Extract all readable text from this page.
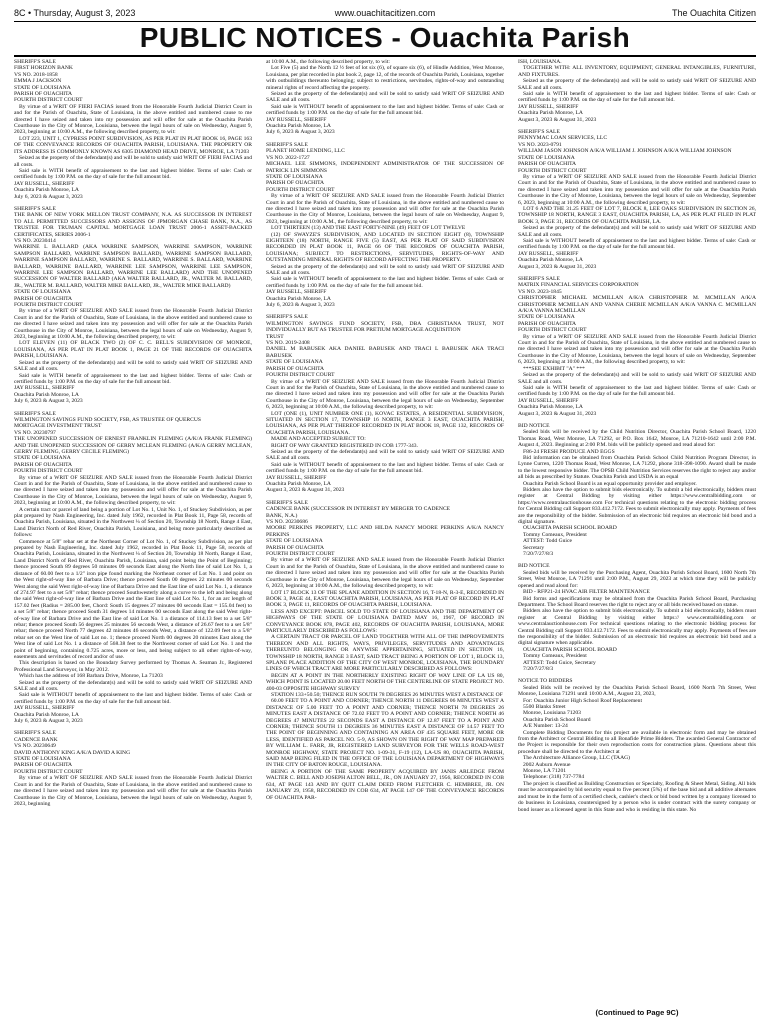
8C • Thursday, August 3, 2023	www.ouachitacitizen.com	The Ouachita Citizen
PUBLIC NOTICES - Ouachita Parish

SHERIFF'S SALE

FIRST HORIZON BANK

VS NO. 2018-1858

EMMA J JACKSON

STATE OF LOUISIANA

PARISH OF OUACHITA

FOURTH DISTRICT COURT

By virtue of a WRIT OF FIERI FACIAS issued from the Honorable Fourth Judicial District Court in and for the Parish of Ouachita, State of Louisiana, in the above entitled and numbered cause to me directed I have seized and taken into my possession and will offer for sale at the Ouachita Parish Courthouse in the City of Monroe, Louisiana, between the legal hours of sale on Wednesday, August 9, 2023, beginning at 10:00 A.M., the following described property, to wit:

LOT 223, UNIT 1, CYPRESS POINT SUBDIVISION, AS PER PLAT IN PLAT BOOK 16, PAGE 163 OF THE CONVEYANCE RECORDS OF OUACHITA PARISH, LOUISIANA. THE PROPERTY OR ITS ADDRESS IS COMMONLY KNOWN AS 6305 DIAMOND HEAD DRIVE, MONROE, LA 71203

Seized as the property of the defendant(s) and will be sold to satisfy said WRIT OF FIERI FACIAS and all costs.

Said sale is WITH benefit of appraisement to the last and highest bidder. Terms of sale: Cash or certified funds by 1:00 P.M. on the day of sale for the full amount bid.

JAY RUSSELL, SHERIFF

Ouachita Parish Monroe, LA

July 6, 2023 & August 3, 2023

SHERIFF'S SALE

THE BANK OF NEW YORK MELLON TRUST COMPANY, N.A. AS SUCCESSOR IN INTEREST TO ALL PERMITTED SUCCESSORS AND ASSIGNS OF JPMORGAN CHASE BANK, N.A., AS TRUSTEE FOR TRUMAN CAPITAL MORTGAGE LOAN TRUST 2006-1 ASSET-BACKED CERTIFICATES, SERIES 2006-1

VS NO. 20230414

WARRINE L BALLARD (AKA WARRINE SAMPSON, WARRINE SAMPSON, WARRINE SAMPSON BALLARD, WARRINE SAMPSON BALLARD), WARRINE SAMPSON BALLARD, WARRINE SAMPSON BALLARD, WARRINE S. BALLARD, WARRINE S. BALLARD, WARRINE BALLARD, WARRINE BALLARD, WARRINE LEE SAMPSON, WARRINE LEE SAMPSON, WARRINE LEE SAMPSON BALLARD, WARRINE LEE BALLARD) AND THE UNOPENED SUCCESSION OF WALTER BALLARD (AKA WALTER BALLARD, JR., WALTER M. BALLARD, JR., WALTER M. BALLARD, WALTER MIKE BALLARD, JR., WALTER MIKE BALLARD)

STATE OF LOUISIANA

PARISH OF OUACHITA

FOURTH DISTRICT COURT

By virtue of a WRIT OF SEIZURE AND SALE issued from the Honorable Fourth Judicial District Court in and for the Parish of Ouachita, State of Louisiana, in the above entitled and numbered cause to me directed I have seized and taken into my possession and will offer for sale at the Ouachita Parish Courthouse in the City of Monroe, Louisiana, between the legal hours of sale on Wednesday, August 9, 2023, beginning at 10:00 A.M., the following described property, to wit:

LOT ELEVEN (11) OF BLACK TWO (2) OF C. C. BELL'S SUBDIVISION OF MONROE, LOUISIANA, AS PER PLAT IN PLAT BOOK 1, PAGE 21 OF THE RECORDS OF OUACHITA PARISH, LOUISIANA.

Seized as the property of the defendant(s) and will be sold to satisfy said WRIT OF SEIZURE AND SALE and all costs.

Said sale is WITH benefit of appraisement to the last and highest bidder. Terms of sale: Cash or certified funds by 1:00 P.M. on the day of sale for the full amount bid.

JAY RUSSELL, SHERIFF

Ouachita Parish Monroe, LA

July 6, 2023 & August 3, 2023

SHERIFF'S SALE

WILMINGTON SAVINGS FUND SOCIETY, FSB, AS TRUSTEE OF QUERCUS

MORTGAGE INVESTMENT TRUST

VS NO. 20230797

THE UNOPENED SUCCESSION OF ERNEST FRANKLIN FLEMING (A/K/A FRANK FLEMING) AND THE UNOPENED SUCCESSION OF GERRY MCLEAN FLEMING (A/K/A GERRY MCLEAN, GERRY FLEMING, GERRY CECILE FLEMING)

STATE OF LOUISIANA

PARISH OF OUACHITA

FOURTH DISTRICT COURT

By virtue of a WRIT OF SEIZURE AND SALE issued from the Honorable Fourth Judicial District Court in and for the Parish of Ouachita, State of Louisiana, in the above entitled and numbered cause to me directed I have seized and taken into my possession and will offer for sale at the Ouachita Parish Courthouse in the City of Monroe, Louisiana, between the legal hours of sale on Wednesday, August 9, 2023, beginning at 10:00 A.M., the following described property, to wit:

A certain tract or parcel of land being a portion of Lot No. 1, Unit No. 1, of Stuckey Subdivision, as per plat prepared by Nash Engineering, Inc. dated July 1962, recorded in Plat Book 11, Page 58, records of Ouachita Parish, Louisiana, situated in the Northwest ¼ of Section 20, Township 18 North, Range 4 East, Land District North of Red River, Ouachita Parish, Louisiana, and being more particularly described as follows:

Commence at 5/8" rebar set at the Northeast Corner of Lot No. 1, of Stuckey Subdivision, as per plat prepared by Nash Engineering, Inc. dated July 1962, recorded in Plat Book 11, Page 58, records of Ouachita Parish, Louisiana, situated in the Northwest ¼ of Section 20, Township 18 North, Range 4 East, Land District North of Red River, Ouachita Parish, Louisiana, said point being the Point of Beginning; thence proceed South 89 degrees 50 minutes 09 seconds East along the North line of said Lot No. 1, a distance of 60.00 feet to a 1/2" iron pipe found marking the Northeast corner of Lot No. 1 and point on the West right-of-way line of Barbara Drive; thence proceed South 00 degrees 22 minutes 00 seconds West along the said West right-of-way line of Barbara Drive and the East line of said Lot No. 1, a distance of 274.97 feet to a set 5/8" rebar; thence proceed Southwesterly along a curve to the left and being along the said West right-of-way line of Barbara Drive and the East line of said Lot No. 1, for an arc length of 157.02 feet (Radius = 285.00 feet, Chord: South 15 degrees 27 minutes 00 seconds East = 155.04 feet) to a set 5/8" rebar; thence proceed South 31 degrees 14 minutes 00 seconds East along the said West right-of-way line of Barbara Drive and the East line of said Lot No. 1 a distance of 114.13 feet to a set 5/8" rebar; thence proceed South 56 degrees 25 minutes 56 seconds West, a distance of 26.67 feet to a set 5/8" rebar; thence proceed North 77 degrees 42 minutes 46 seconds West, a distance of 122.09 feet to a 5/8" rebar set on the West line of said Lot no. 1; thence proceed North 00 degrees 20 minutes East along the West line of said Lot No. 1 a distance of 568.38 feet to the Northwest corner of said Lot No. 1 and the point of beginning, containing 0.725 acres, more or less, and being subject to all other rights-of-way, easements and servitudes of record and/or of use.

This description is based on the Boundary Survey performed by Thomas A. Seaman Jr., Registered Professional Land Surveyor, in May 2012.

Which has the address of 168 Barbara Drive, Monroe, La 71203

Seized as the property of the defendant(s) and will be sold to satisfy said WRIT OF SEIZURE AND SALE and all costs.

Said sale is WITHOUT benefit of appraisement to the last and highest bidder. Terms of sale: Cash or certified funds by 1:00 P.M. on the day of sale for the full amount bid.

JAY RUSSELL, SHERIFF

Ouachita Parish Monroe, LA

July 6, 2023 & August 3, 2023

SHERIFF'S SALE

CADENCE BANK

VS NO. 20230649

DAVID ANTHONY KING A/K/A DAVID A KING

STATE OF LOUISIANA

PARISH OF OUACHITA

FOURTH DISTRICT COURT

By virtue of a WRIT OF SEIZURE AND SALE issued from the Honorable Fourth Judicial District Court in and for the Parish of Ouachita, State of Louisiana, in the above entitled and numbered cause to me directed I have seized and taken into my possession and will offer for sale at the Ouachita Parish Courthouse in the City of Monroe, Louisiana, between the legal hours of sale on Wednesday, August 9, 2023, beginning

at 10:00 A.M., the following described property, to wit:

Lot Five (5) and the North 12 ½ feet of lot six (6), of square six (6), of Hindle Addition, West Monroe, Louisiana, per plat recorded in plat book 2, page 12, of the records of Ouachita Parish, Louisiana, together with outbuildings thereunto belonging; subject to restrictions, servitudes, rights-of-way and outstanding mineral rights of record affecting the property.

Seized as the property of the defendant(s) and will be sold to satisfy said WRIT OF SEIZURE AND SALE and all costs.

Said sale is WITHOUT benefit of appraisement to the last and highest bidder. Terms of sale: Cash or certified funds by 1:00 P.M. on the day of sale for the full amount bid.

JAY RUSSELL, SHERIFF

Ouachita Parish Monroe, LA

July 6, 2023 & August 3, 2023

SHERIFF'S SALE

PLANET HOME LENDING, LLC

VS NO. 2022-1727

MICHAEL LEE SIMMONS, INDEPENDENT ADMINISTRATOR OF THE SUCCESSION OF PATRICK LIN SIMMONS

STATE OF LOUISIANA

PARISH OF OUACHITA

FOURTH DISTRICT COURT

By virtue of a WRIT OF SEIZURE AND SALE issued from the Honorable Fourth Judicial District Court in and for the Parish of Ouachita, State of Louisiana, in the above entitled and numbered cause to me directed I have seized and taken into my possession and will offer for sale at the Ouachita Parish Courthouse in the City of Monroe, Louisiana, between the legal hours of sale on Wednesday, August 9, 2023, beginning at 10:00 A.M., the following described property, to wit:

LOT THIRTEEN (13) AND THE EAST FORTY-NINE (49) FEET OF LOT TWELVE

(12) OF SWAYZE'S SUBDIVISION, AND LOCATED IN SECTION EIGHT (8), TOWNSHIP EIGHTEEN (18) NORTH, RANGE FIVE (5) EAST, AS PER PLAT OF SAID SUBDIVISION RECORDED IN PLAT BOOK 11, PAGE 66 OF THE RECORDS OF OUACHITA PARISH, LOUISIANA; SUBJECT TO RESTRICTIONS, SERVITUDES, RIGHTS-OF-WAY AND OUTSTANDING MINERAL RIGHTS OF RECORD AFFECTING THE PROPERTY.

Seized as the property of the defendant(s) and will be sold to satisfy said WRIT OF SEIZURE AND SALE and all costs.

Said sale is WITHOUT benefit of appraisement to the last and highest bidder. Terms of sale: Cash or certified funds by 1:00 P.M. on the day of sale for the full amount bid.

JAY RUSSELL, SHERIFF

Ouachita Parish Monroe, LA

July 6, 2023 & August 3, 2023

SHERIFF'S SALE

WILMINGTON SAVINGS FUND SOCIETY, FSB, DBA CHRISTIANA TRUST, NOT INDIVIDUALLY BUT AS TRUSTEE FOR PRETIUM MORTGAGE ACQUISITION

TRUST

VS NO. 2019-2408

DANIEL M BABUSEK AKA DANIEL BABUSEK AND TRACI L BABUSEK AKA TRACI BABUSEK

STATE OF LOUISIANA

PARISH OF OUACHITA

FOURTH DISTRICT COURT

By virtue of a WRIT OF SEIZURE AND SALE issued from the Honorable Fourth Judicial District Court in and for the Parish of Ouachita, State of Louisiana, in the above entitled and numbered cause to me directed I have seized and taken into my possession and will offer for sale at the Ouachita Parish Courthouse in the City of Monroe, Louisiana, between the legal hours of sale on Wednesday, September 6, 2023, beginning at 10:00 A.M., the following described property, to wit:

LOT (ONE (1), UNIT NUMBER ONE (1), KOVAC ESTATES, A RESIDENTIAL SUBDIVISION, SITUATED IN SECTION 17, TOWNSHIP 16 NORTH, RANGE 3 EAST, OUACHITA PARISH, LOUISIANA, AS PER PLAT THEREOF RECORDED IN PLAT BOOK 18, PAGE 132, RECORDS OF OUACHITA PARISH, LOUISIANA.

MADE AND ACCEPTED SUBJECT TO:

RIGHT OF WAY GRANTED REGISTERED IN COB 1777-343.

Seized as the property of the defendant(s) and will be sold to satisfy said WRIT OF SEIZURE AND SALE and all costs.

Said sale is WITHOUT benefit of appraisement to the last and highest bidder. Terms of sale: Cash or certified funds by 1:00 P.M. on the day of sale for the full amount bid.

JAY RUSSELL, SHERIFF

Ouachita Parish Monroe, LA

August 3, 2023 & August 31, 2023

SHERIFF'S SALE

CADENCE BANK (SUCCESSOR IN INTEREST BY MERGER TO CADENCE

BANK, N.A.)

VS NO. 20230686

MOORE PERKINS PROPERTY, LLC AND HILDA NANCY MOORE PERKINS A/K/A NANCY PERKINS

STATE OF LOUISIANA

PARISH OF OUACHITA

FOURTH DISTRICT COURT

By virtue of a WRIT OF SEIZURE AND SALE issued from the Honorable Fourth Judicial District Court in and for the Parish of Ouachita, State of Louisiana, in the above entitled and numbered cause to me directed I have seized and taken into my possession and will offer for sale at the Ouachita Parish Courthouse in the City of Monroe, Louisiana, between the legal hours of sale on Wednesday, September 6, 2023, beginning at 10:00 A.M., the following described property, to wit:

LOT 17 BLOCK 13 OF THE SPLANE ADDITION IN SECTION 16, T-18-N, R-3-E, RECORDED IN BOOK 3, PAGE 44, EAST OUACHITA PARISH, LOUISIANA, AS PER PLAT OF RECORD IN PLAT BOOK 3, PAGE 11, RECORDS OF OUACHITA PARISH, LOUISIANA.

LESS AND EXCEPT: PARCEL SOLD TO STATE OF LOUISIANA AND THE DEPARTMENT OF HIGHWAYS OF THE STATE OF LOUISIANA DATED MAY 16, 1967, OF RECORD IN CONVEYANCE BOOK 878, PAGE 402, RECORDS OF OUACHITA PARISH, LOUISIANA, MORE PARTICULARLY DESCRIBED AS FOLLOWS:

A CERTAIN TRACT OR PARCEL OF LAND TOGETHER WITH ALL OF THE IMPROVEMENTS THEREON AND ALL RIGHTS, WAYS, PRIVILEGES, SERVITUDES AND ADVANTAGES THEREUNTO BELONGING OR ANYWISE APPERTAINING, SITUATED IN SECTION 16, TOWNSHIP 18 NORTH, RANGE 3 EAST, SAID TRACT BEING A PORTION OF LOT 1, BLOCK 13, SPLANE PLACE ADDITION OF THE CITY OF WEST MONROE, LOUISIANA, THE BOUNDARY LINES OF WHICH TRACT ARE MORE PARTICULARLY DESCRIBED AS FOLLOWS:

BEGIN AT A POINT IN THE NORTHERLY EXISTING RIGHT OF WAY LINE OF LA US 80, WHICH POINT IS LOCATED 20.00 FEET NORTH OF THE CENTERLINE OF STATE PROJECT NO. 400-03 OPPOSITE HIGHWAY SURVEY

STATION 133+50.50; THENCE RUN SOUTH 78 DEGREES 26 MINUTES WEST A DISTANCE OF

60.00 FEET TO A POINT AND CORNER; THENCE NORTH 11 DEGREES 06 MINUTES WEST A DISTANCE OF 5.00 FEET TO A POINT AND CORNER; THENCE NORTH 78 DEGREES 26 MINUTES EAST A DISTANCE OF 72.02 FEET TO A POINT AND CORNER; THENCE NORTH 46 DEGREES 47 MINUTES 22 SECONDS EAST A DISTANCE OF 12.87 FEET TO A POINT AND CORNER; THENCE SOUTH 11 DEGREES 36 MINUTES EAST A DISTANCE OF 14.57 FEET TO THE POINT OF BEGINNING AND CONTAINING AN AREA OF 435 SQUARE FEET, MORE OR LESS, IDENTIFIED AS PARCEL NO. 5-9, AS SHOWN ON THE RIGHT OF WAY MAP PREPARED BY WILLIAM L. FARR, JR, REGISTERED LAND SURVEYOR FOR THE WELLS ROAD-WEST MONROE HIGHWAY, STATE PROJECT NO. 1-09-31, F-19 (12), LA-US 80, OUACHITA PARISH, SAID MAP BEING FILED IN THE OFFICE OF THE LOUISIANA DEPARTMENT OF HIGHWAYS IN THE CITY OF BATON ROUGE, LOUISIANA.

BEING A PORTION OF THE SAME PROPERTY ACQUIRED BY JANIS ARLEDGE FROM WALTER C. BELL AND JOSEPH ALTON BELL, JR., ON JANUARY 27, 1956, RECORDED IN COB 634, AT PAGE 143 AND BY QUIT CLAIM DEED FROM FLETCHER C. HEMBREE, JR. ON JANUARY 29, 1958, RECORDED IN COB 634, AT PAGE 147 OF THE CONVEYANCE RECORDS OF OUACHITA PAR-

ISH, LOUISIANA.

TOGETHER WITH: ALL INVENTORY, EQUIPMENT, GENERAL INTANGIBLES, FURNITURE, AND FIXTURES.

Seized as the property of the defendant(s) and will be sold to satisfy said WRIT OF SEIZURE AND SALE and all costs.

Said sale is WITH benefit of appraisement to the last and highest bidder. Terms of sale: Cash or certified funds by 1:00 P.M. on the day of sale for the full amount bid.

JAY RUSSELL, SHERIFF

Ouachita Parish Monroe, LA

August 3, 2023 & August 31, 2023

SHERIFF'S SALE

PENNYMAC LOAN SERVICES, LLC

VS NO. 2023-0791

WILLIAM JASON JOHNSON A/K/A WILLIAM J. JOHNSON A/K/A WILLIAM JOHNSON

STATE OF LOUISIANA

PARISH OF OUACHITA

FOURTH DISTRICT COURT

By virtue of a WRIT OF SEIZURE AND SALE issued from the Honorable Fourth Judicial District Court in and for the Parish of Ouachita, State of Louisiana, in the above entitled and numbered cause to me directed I have seized and taken into my possession and will offer for sale at the Ouachita Parish Courthouse in the City of Monroe, Louisiana, between the legal hours of sale on Wednesday, September 6, 2023, beginning at 10:00 A.M., the following described property, to wit:

LOT 6 AND THE 31.25 FEET OF LOT 7, BLOCK 8, LEE OAKS SUBDIVISION IN SECTION 26, TOWNSHIP 18 NORTH, RANGE 3 EAST, OUACHITA PARISH, LA, AS PER PLAT FILED IN PLAT BOOK 3, PAGE 31, RECORDS OF OUACHITA PARISH, LA.

Seized as the property of the defendant(s) and will be sold to satisfy said WRIT OF SEIZURE AND SALE and all costs.

Said sale is WITHOUT benefit of appraisement to the last and highest bidder. Terms of sale: Cash or certified funds by 1:00 P.M. on the day of sale for the full amount bid.

JAY RUSSELL, SHERIFF

Ouachita Parish Monroe, LA

August 3, 2023 & August 31, 2023

SHERIFF'S SALE

MATRIX FINANCIAL SERVICES CORPORATION

VS NO. 2023-1845

CHRISTOPHER MICHAEL MCMILLAN A/K/A CHRISTOPHER M. MCMILLAN A/K/A CHRISTOPHER MCMILLAN AND VANNA CHERIE MCMILLAN A/K/A VANNA C. MCMILLAN A/K/A VANNA MCMILLAN

STATE OF LOUISIANA

PARISH OF OUACHITA

FOURTH DISTRICT COURT

By virtue of a WRIT OF SEIZURE AND SALE issued from the Honorable Fourth Judicial District Court in and for the Parish of Ouachita, State of Louisiana, in the above entitled and numbered cause to me directed I have seized and taken into my possession and will offer for sale at the Ouachita Parish Courthouse in the City of Monroe, Louisiana, between the legal hours of sale on Wednesday, September 6, 2023, beginning at 10:00 A.M., the following described property, to wit:

***SEE EXHIBIT "A" ***

Seized as the property of the defendant(s) and will be sold to satisfy said WRIT OF SEIZURE AND SALE and all costs.

Said sale is WITH benefit of appraisement to the last and highest bidder. Terms of sale: Cash or certified funds by 1:00 P.M. on the day of sale for the full amount bid.

JAY RUSSELL, SHERIFF

Ouachita Parish Monroe, LA

August 3, 2023 & August 31, 2023

BID NOTICE

Sealed bids will be received by the Child Nutrition Director, Ouachita Parish School Board, 1220 Thomas Road, West Monroe, LA 71292, or P.O. Box 1642, Monroe, LA 71210-1642 until 2:00 P.M. August 4, 2023. Beginning at 2:00 P.M. bids will be publicly opened and read aloud for:

F86-24 FRESH PRODUCE AND EGGS

Bid information can be obtained from Ouachita Parish School Child Nutrition Program Director, in Lynne Curren, 1220 Thomas Road, West Monroe, LA 71292, phone 318-398-1090. Award shall be made to the lowest responsive bidder. The OPSB Child Nutrition Services reserves the right to reject any and/or all bids as prescribed by Statute. Ouachita Parish and USDA is an equal

Ouachita Parish School Board is an equal opportunity provider and employer.

Bidders also have the option to submit bids electronically. To submit a bid electronically, bidders must register at Central Bidding by visiting either https://www.centralbidding.com or https://www.centralauctionhouse.com For technical questions relating to the electronic bidding process for Central Bidding call Support 833.412.7172. Fees to submit electronically may apply. Payments of fees are the responsibility of the bidder. Submission of an electronic bid requires an electronic bid bond and a digital signature.

OUACHITA PARISH SCHOOL BOARD

Tommy Comeaux, President

ATTEST: Todd Guice

Secretary

7/20/7/27/8/3

BID NOTICE

Sealed bids will be received by the Purchasing Agent, Ouachita Parish School Board, 1600 North 7th Street, West Monroe, LA 71291 until 2:00 P.M., August 29, 2023 at which time they will be publicly opened and read aloud for:

BID - RFP21-24 HVAC AIR FILTER MAINTENANCE

Bid forms and specifications may be obtained from the Ouachita Parish School Board, Purchasing Department. The School Board reserves the right to reject any or all bids received based on statue.

Bidders also have the option to submit bids electronically. To submit a bid electronically, bidders must register at Central Bidding by visiting either https:// www.centralbidding.com or www.centralauctionhouse.com For technical questions relating to the electronic bidding process for Central Bidding call Support 833.412.7172. Fees to submit electronically may apply. Payments of fees are the responsibility of the bidder. Submission of an electronic bid requires an electronic bid bond and a digital signature when applicable.

OUACHITA PARISH SCHOOL BOARD

Tommy Comeaux, President

ATTEST: Todd Guice, Secretary

7/20/7/27/8/3

NOTICE TO BIDDERS

Sealed Bids will be received by the Ouachita Parish School Board, 1600 North 7th Street, West Monroe, Louisiana 71291 until 10:00 A.M., August 23, 2023,

For: Ouachita Junior High School Roof Replacement

5500 Blanks Street

Monroe, Louisiana 71203

Ouachita Parish School Board

A/E Number: 13-24

Complete Bidding Documents for this project are available in electronic form and may be obtained from the Architect or Central Bidding to all Bonafide Prime Bidders. The awarded General Contractor of the Project is responsible for their own reproduction costs for construction plans. Questions about this procedure shall be directed to the Architect at

The Architecture Alliance Group, LLC (TAAG)

2002 Auburn Avenue

Monroe, LA 71201

Telephone: (318) 737-7784

The project is classified as Building Construction or Specialty, Roofing & Sheet Metal, Siding. All bids must be accompanied by bid security equal to five percent (5%) of the base bid and all additive alternates and must be in the form of a certified check, cashier's check or bid bond written by a company licensed to do business in Louisiana, countersigned by a person who is under contract with the surety company or bond issuer as a licensed agent in this State and who is residing in this state. No

(Continued to Page 9C)
